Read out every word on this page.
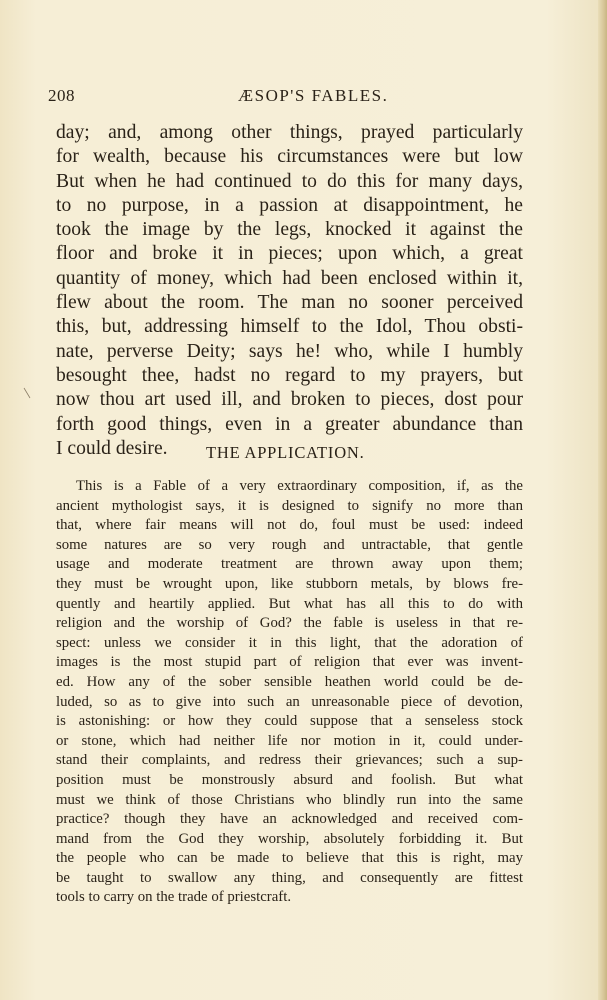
208	ÆSOP'S FABLES.
day; and, among other things, prayed particularly
for wealth, because his circumstances were but low
But when he had continued to do this for many days,
to no purpose, in a passion at disappointment, he
took the image by the legs, knocked it against the
floor and broke it in pieces; upon which, a great
quantity of money, which had been enclosed within it,
flew about the room. The man no sooner perceived
this, but, addressing himself to the Idol, Thou obsti-
nate, perverse Deity; says he! who, while I humbly
besought thee, hadst no regard to my prayers, but
now thou art used ill, and broken to pieces, dost pour
forth good things, even in a greater abundance than
I could desire.	THE APPLICATION.
This is a Fable of a very extraordinary composition, if, as the
ancient mythologist says, it is designed to signify no more than
that, where fair means will not do, foul must be used: indeed
some natures are so very rough and untractable, that gentle
usage and moderate treatment are thrown away upon them;
they must be wrought upon, like stubborn metals, by blows fre-
quently and heartily applied. But what has all this to do with
religion and the worship of God? the fable is useless in that re-
spect: unless we consider it in this light, that the adoration of
images is the most stupid part of religion that ever was invent-
ed. How any of the sober sensible heathen world could be de-
luded, so as to give into such an unreasonable piece of devotion,
is astonishing: or how they could suppose that a senseless stock
or stone, which had neither life nor motion in it, could under-
stand their complaints, and redress their grievances; such a sup-
position must be monstrously absurd and foolish. But what
must we think of those Christians who blindly run into the same
practice? though they have an acknowledged and received com-
mand from the God they worship, absolutely forbidding it. But
the people who can be made to believe that this is right, may
be taught to swallow any thing, and consequently are fittest
tools to carry on the trade of priestcraft.
